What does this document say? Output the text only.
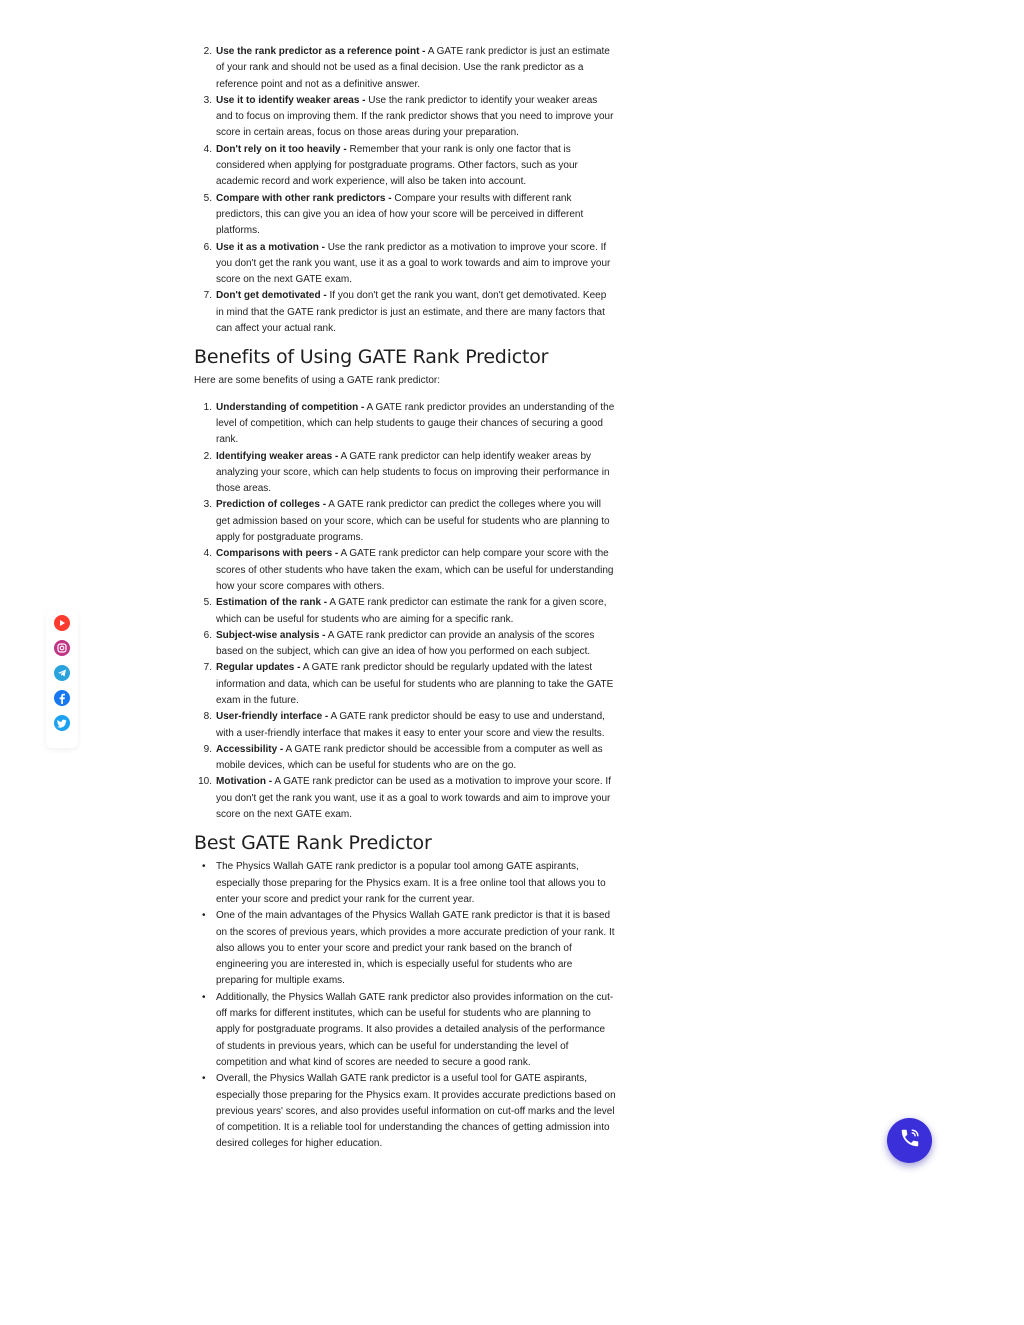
2. Use the rank predictor as a reference point - A GATE rank predictor is just an estimate of your rank and should not be used as a final decision. Use the rank predictor as a reference point and not as a definitive answer.
3. Use it to identify weaker areas - Use the rank predictor to identify your weaker areas and to focus on improving them. If the rank predictor shows that you need to improve your score in certain areas, focus on those areas during your preparation.
4. Don't rely on it too heavily - Remember that your rank is only one factor that is considered when applying for postgraduate programs. Other factors, such as your academic record and work experience, will also be taken into account.
5. Compare with other rank predictors - Compare your results with different rank predictors, this can give you an idea of how your score will be perceived in different platforms.
6. Use it as a motivation - Use the rank predictor as a motivation to improve your score. If you don't get the rank you want, use it as a goal to work towards and aim to improve your score on the next GATE exam.
7. Don't get demotivated - If you don't get the rank you want, don't get demotivated. Keep in mind that the GATE rank predictor is just an estimate, and there are many factors that can affect your actual rank.
Benefits of Using GATE Rank Predictor

Here are some benefits of using a GATE rank predictor:

1. Understanding of competition - A GATE rank predictor provides an understanding of the level of competition, which can help students to gauge their chances of securing a good rank.
2. Identifying weaker areas - A GATE rank predictor can help identify weaker areas by analyzing your score, which can help students to focus on improving their performance in those areas.
3. Prediction of colleges - A GATE rank predictor can predict the colleges where you will get admission based on your score, which can be useful for students who are planning to apply for postgraduate programs.
4. Comparisons with peers - A GATE rank predictor can help compare your score with the scores of other students who have taken the exam, which can be useful for understanding how your score compares with others.
5. Estimation of the rank - A GATE rank predictor can estimate the rank for a given score, which can be useful for students who are aiming for a specific rank.
6. Subject-wise analysis - A GATE rank predictor can provide an analysis of the scores based on the subject, which can give an idea of how you performed on each subject.
7. Regular updates - A GATE rank predictor should be regularly updated with the latest information and data, which can be useful for students who are planning to take the GATE exam in the future.
8. User-friendly interface - A GATE rank predictor should be easy to use and understand, with a user-friendly interface that makes it easy to enter your score and view the results.
9. Accessibility - A GATE rank predictor should be accessible from a computer as well as mobile devices, which can be useful for students who are on the go.
10. Motivation - A GATE rank predictor can be used as a motivation to improve your score. If you don't get the rank you want, use it as a goal to work towards and aim to improve your score on the next GATE exam.
Best GATE Rank Predictor
• The Physics Wallah GATE rank predictor is a popular tool among GATE aspirants, especially those preparing for the Physics exam. It is a free online tool that allows you to enter your score and predict your rank for the current year.
• One of the main advantages of the Physics Wallah GATE rank predictor is that it is based on the scores of previous years, which provides a more accurate prediction of your rank. It also allows you to enter your score and predict your rank based on the branch of engineering you are interested in, which is especially useful for students who are preparing for multiple exams.
• Additionally, the Physics Wallah GATE rank predictor also provides information on the cut-off marks for different institutes, which can be useful for students who are planning to apply for postgraduate programs. It also provides a detailed analysis of the performance of students in previous years, which can be useful for understanding the level of competition and what kind of scores are needed to secure a good rank.
• Overall, the Physics Wallah GATE rank predictor is a useful tool for GATE aspirants, especially those preparing for the Physics exam. It provides accurate predictions based on previous years' scores, and also provides useful information on cut-off marks and the level of competition. It is a reliable tool for understanding the chances of getting admission into desired colleges for higher education.
